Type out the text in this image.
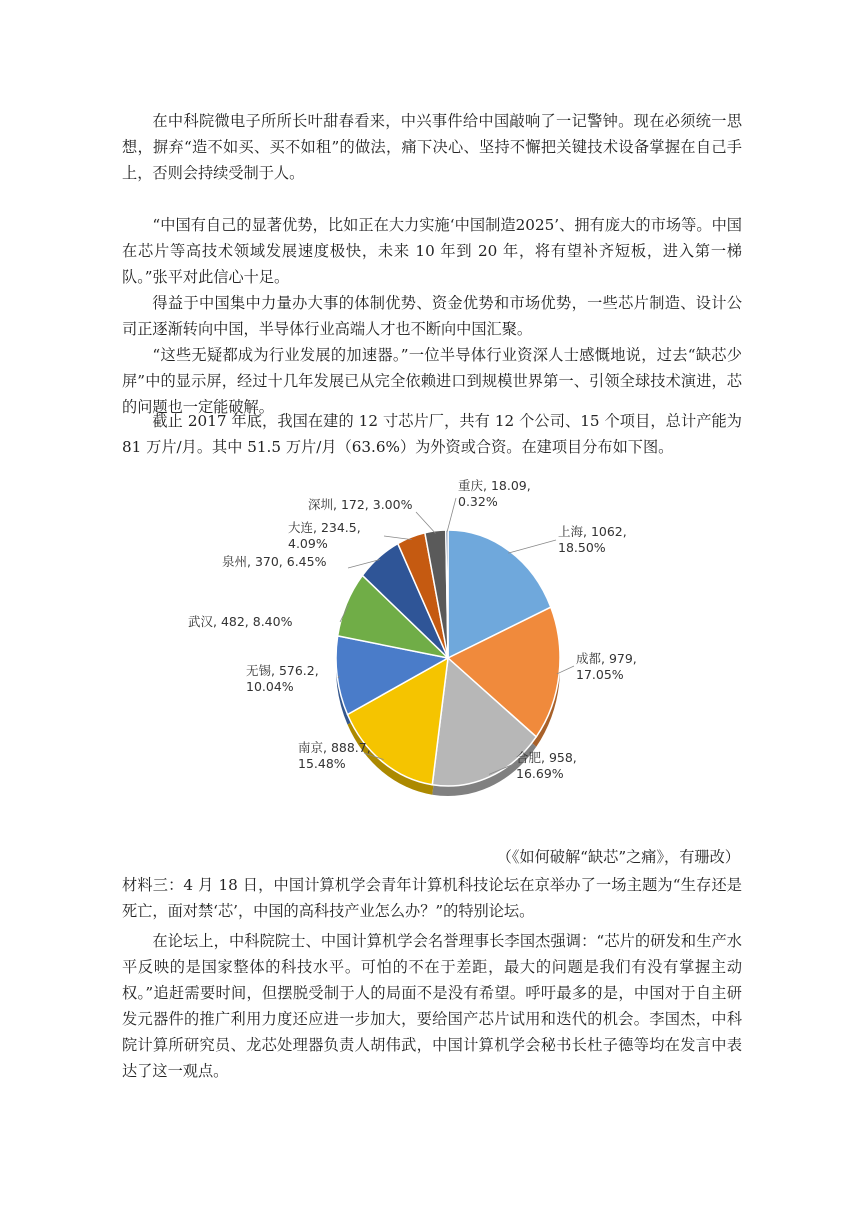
在中科院微电子所所长叶甜春看来，中兴事件给中国敲响了一记警钟。现在必须统一思想，摒弃“造不如买、买不如租”的做法，痛下决心、坚持不懈把关键技术设备掌握在自己手上，否则会持续受制于人。

“中国有自己的显著优势，比如正在大力实施‘中国制造2025’、拥有庞大的市场等。中国在芯片等高技术领域发展速度极快，未来 10 年到 20 年，将有望补齐短板，进入第一梯队。”张平对此信心十足。

得益于中国集中力量办大事的体制优势、资金优势和市场优势，一些芯片制造、设计公司正逐渐转向中国，半导体行业高端人才也不断向中国汇聚。

“这些无疑都成为行业发展的加速器。”一位半导体行业资深人士感慨地说，过去“缺芯少屏”中的显示屏，经过十几年发展已从完全依赖进口到规模世界第一、引领全球技术演进，芯的问题也一定能破解。

截止 2017 年底，我国在建的 12 寸芯片厂，共有 12 个公司、15 个项目，总计产能为 81 万片/月。其中 51.5 万片/月（63.6%）为外资或合资。在建项目分布如下图。

上海, 1062, 18.50%
成都, 979, 17.05%
合肥, 958, 16.69%
南京, 888.7, 15.48%
无锡, 576.2, 10.04%
武汉, 482, 8.40%
泉州, 370, 6.45%
大连, 234.5, 4.09%
深圳, 172, 3.00%
重庆, 18.09, 0.32%

（《如何破解“缺芯”之痛》，有珊改）

材料三：4 月 18 日，中国计算机学会青年计算机科技论坛在京举办了一场主题为“生存还是死亡，面对禁‘芯’，中国的高科技产业怎么办？”的特别论坛。

在论坛上，中科院院士、中国计算机学会名誉理事长李国杰强调：“芯片的研发和生产水平反映的是国家整体的科技水平。可怕的不在于差距，最大的问题是我们有没有掌握主动权。”追赶需要时间，但摆脱受制于人的局面不是没有希望。呼吁最多的是，中国对于自主研发元器件的推广利用力度还应进一步加大，要给国产芯片试用和迭代的机会。李国杰，中科院计算所研究员、龙芯处理器负责人胡伟武，中国计算机学会秘书长杜子德等均在发言中表达了这一观点。
